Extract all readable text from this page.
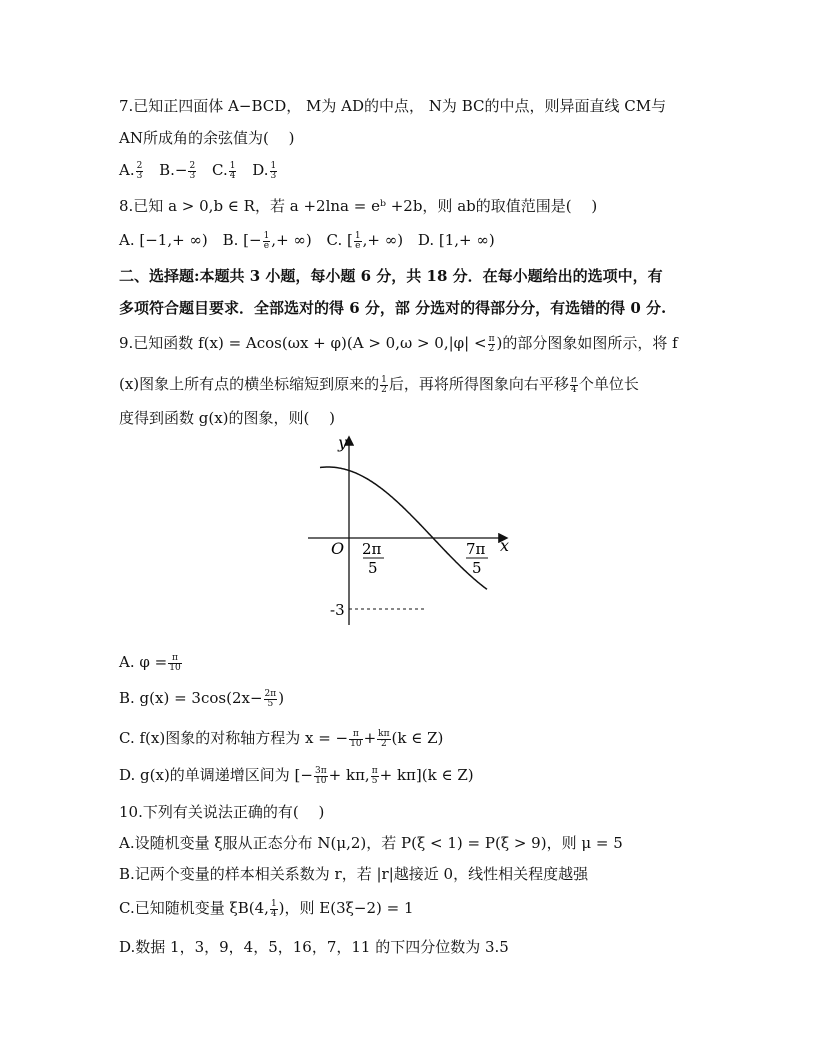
7.已知正四面体 A−BCD， M为 AD的中点， N为 BC的中点，则异面直线 CM与
AN所成角的余弦值为(　 )
A. $\frac{2}{3} B.- \frac{2}{3} C$. $\frac{1}{4} D$. $\frac{1}{3}$
8.已知 a > 0,b ∈ R，若 a +2lna = eᵇ +2b，则 ab的取值范围是(　 )
A. [−1,+ ∞) B. [− $\frac{1}{e}$ ,+ ∞) C. [ $\frac{1}{e}$ ,+ ∞) D. [1,+ ∞)
二、选择题:本题共 3 小题，每小题 6 分，共 18 分．在每小题给出的选项中，有
多项符合题目要求．全部选对的得 6 分，部 分选对的得部分分，有选错的得 0 分.
9.已知函数 $f(x) = Acos(\omega x + \varphi)(A > 0,\omega > 0,|\varphi| < \frac{\pi}{2}$ )的部分图象如图所示，将 f
(x)图象上所有点的横坐标缩短到原来的 $\frac{1}{2}$ 后，再将所得图象向右平移 $\frac{\pi}{4}$ 个单位长
度得到函数 g(x)的图象，则(　 )
y
x
O 2π
5
7π
5
-3
A. $\varphi = \frac{\pi}{10}$
B. $g(x) = 3\cos(2x- \frac{2\pi}{5}$ )
C. f(x)图象的对称轴方程为 x = − $\frac{\pi}{10} + \frac{k\pi}{2} (k$ ∈ Z)
D. g(x)的单调递增区间为 [− $\frac{3\pi}{10} + k\pi$, $\frac{\pi}{5} + k\pi](k$ ∈ Z)
10.下列有关说法正确的有(　 )
A.设随机变量 ξ服从正态分布 N(μ,2)，若 P(ξ < 1) = P(ξ > 9)，则 μ = 5
B.记两个变量的样本相关系数为 r，若 |r|越接近 0，线性相关程度越强
C.已知随机变量 ξB(4, $\frac{1}{4}$ )，则 E(3ξ−2) = 1
D.数据 1，3，9，4，5，16，7，11 的下四分位数为 3.5
